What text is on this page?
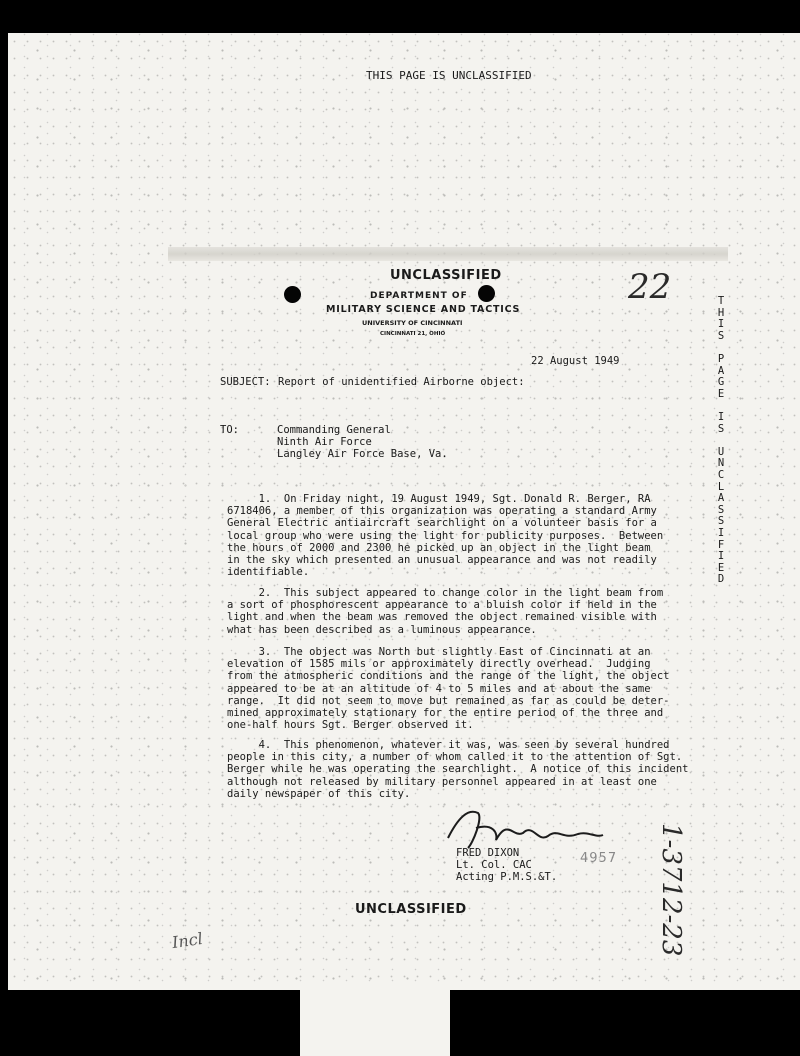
THIS PAGE IS UNCLASSIFIED
UNCLASSIFIED
DEPARTMENT OF
MILITARY SCIENCE AND TACTICS
UNIVERSITY OF CINCINNATI
CINCINNATI 21, OHIO
22
22 August 1949
SUBJECT: Report of unidentified Airborne object:
TO:	Commanding General
Ninth Air Force
Langley Air Force Base, Va.
1.  On Friday night, 19 August 1949, Sgt. Donald R. Berger, RA
6718406, a member of this organization was operating a standard Army
General Electric antiaircraft searchlight on a volunteer basis for a
local group who were using the light for publicity purposes.  Between
the hours of 2000 and 2300 he picked up an object in the light beam
in the sky which presented an unusual appearance and was not readily
identifiable.
2.  This subject appeared to change color in the light beam from
a sort of phosphorescent appearance to a bluish color if held in the
light and when the beam was removed the object remained visible with
what has been described as a luminous appearance.
3.  The object was North but slightly East of Cincinnati at an
elevation of 1585 mils or approximately directly overhead.  Judging
from the atmospheric conditions and the range of the light, the object
appeared to be at an altitude of 4 to 5 miles and at about the same
range.  It did not seem to move but remained as far as could be deter-
mined approximately stationary for the entire period of the three and
one-half hours Sgt. Berger observed it.
4.  This phenomenon, whatever it was, was seen by several hundred
people in this city, a number of whom called it to the attention of Sgt.
Berger while he was operating the searchlight.  A notice of this incident
although not released by military personnel appeared in at least one
daily newspaper of this city.
FRED DIXON
Lt. Col. CAC
Acting P.M.S.&T.
4957
UNCLASSIFIED
T
H
I
S
P
A
G
E
I
S
U
N
C
L
A
S
S
I
F
I
E
D
1-3712-23
Incl
